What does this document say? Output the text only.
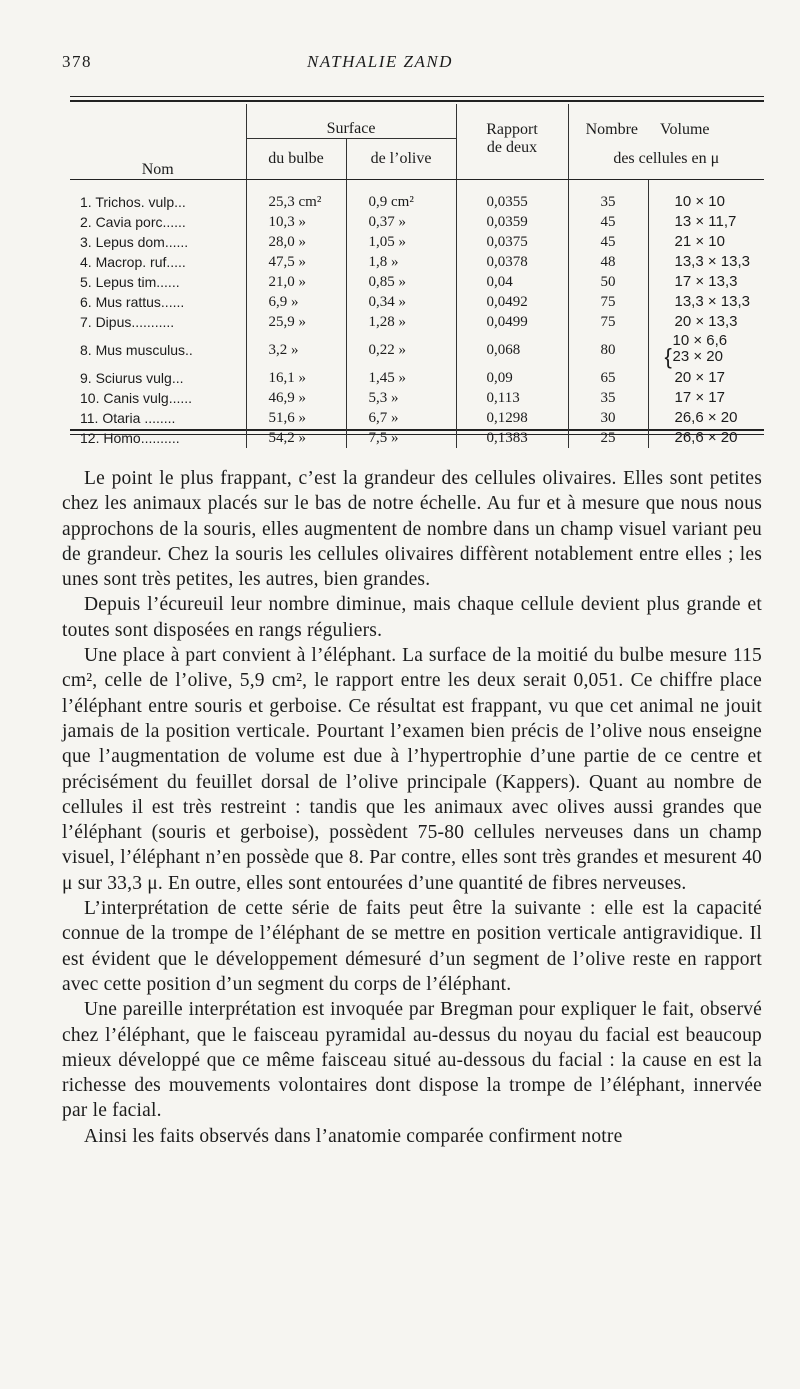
378	NATHALIE ZAND
Nom	Surface		Rapport	Nombre	Volume
	du bulbe	de l’olive	de deux	des cellules en μ	
1. Trichos. vulp...	25,3 cm²	0,9 cm²	0,0355	35	10 × 10
2. Cavia porc......	10,3 »	0,37 »	0,0359	45	13 × 11,7
3. Lepus dom......	28,0 »	1,05 »	0,0375	45	21 × 10
4. Macrop. ruf.....	47,5 »	1,8 »	0,0378	48	13,3 × 13,3
5. Lepus tim......	21,0 »	0,85 »	0,04	50	17 × 13,3
6. Mus rattus......	6,9 »	0,34 »	0,0492	75	13,3 × 13,3
7. Dipus...........	25,9 »	1,28 »	0,0499	75	20 × 13,3
8. Mus musculus..	3,2 »	0,22 »	0,068	80	{10 × 6,6
23 × 20
9. Sciurus vulg...	16,1 »	1,45 »	0,09	65	20 × 17
10. Canis vulg......	46,9 »	5,3 »	0,113	35	17 × 17
11. Otaria ........	51,6 »	6,7 »	0,1298	30	26,6 × 20
12. Homo..........	54,2 »	7,5 »	0,1383	25	26,6 × 20

Le point le plus frappant, c’est la grandeur des cellules olivaires. Elles sont petites chez les animaux placés sur le bas de notre échelle. Au fur et à mesure que nous nous approchons de la souris, elles augmentent de nombre dans un champ visuel variant peu de grandeur. Chez la souris les cellules olivaires diffèrent notablement entre elles ; les unes sont très petites, les autres, bien grandes.

Depuis l’écureuil leur nombre diminue, mais chaque cellule devient plus grande et toutes sont disposées en rangs réguliers.

Une place à part convient à l’éléphant. La surface de la moitié du bulbe mesure 115 cm², celle de l’olive, 5,9 cm², le rapport entre les deux serait 0,051. Ce chiffre place l’éléphant entre souris et gerboise. Ce résultat est frappant, vu que cet animal ne jouit jamais de la position verticale. Pourtant l’examen bien précis de l’olive nous enseigne que l’augmentation de volume est due à l’hypertrophie d’une partie de ce centre et précisément du feuillet dorsal de l’olive principale (Kappers). Quant au nombre de cellules il est très restreint : tandis que les animaux avec olives aussi grandes que l’éléphant (souris et gerboise), possèdent 75-80 cellules nerveuses dans un champ visuel, l’éléphant n’en possède que 8. Par contre, elles sont très grandes et mesurent 40 μ sur 33,3 μ. En outre, elles sont entourées d’une quantité de fibres nerveuses.

L’interprétation de cette série de faits peut être la suivante : elle est la capacité connue de la trompe de l’éléphant de se mettre en position verticale antigravidique. Il est évident que le développement démesuré d’un segment de l’olive reste en rapport avec cette position d’un segment du corps de l’éléphant.

Une pareille interprétation est invoquée par Bregman pour expliquer le fait, observé chez l’éléphant, que le faisceau pyramidal au-dessus du noyau du facial est beaucoup mieux développé que ce même faisceau situé au-dessous du facial : la cause en est la richesse des mouvements volontaires dont dispose la trompe de l’éléphant, innervée par le facial.

Ainsi les faits observés dans l’anatomie comparée confirment notre
